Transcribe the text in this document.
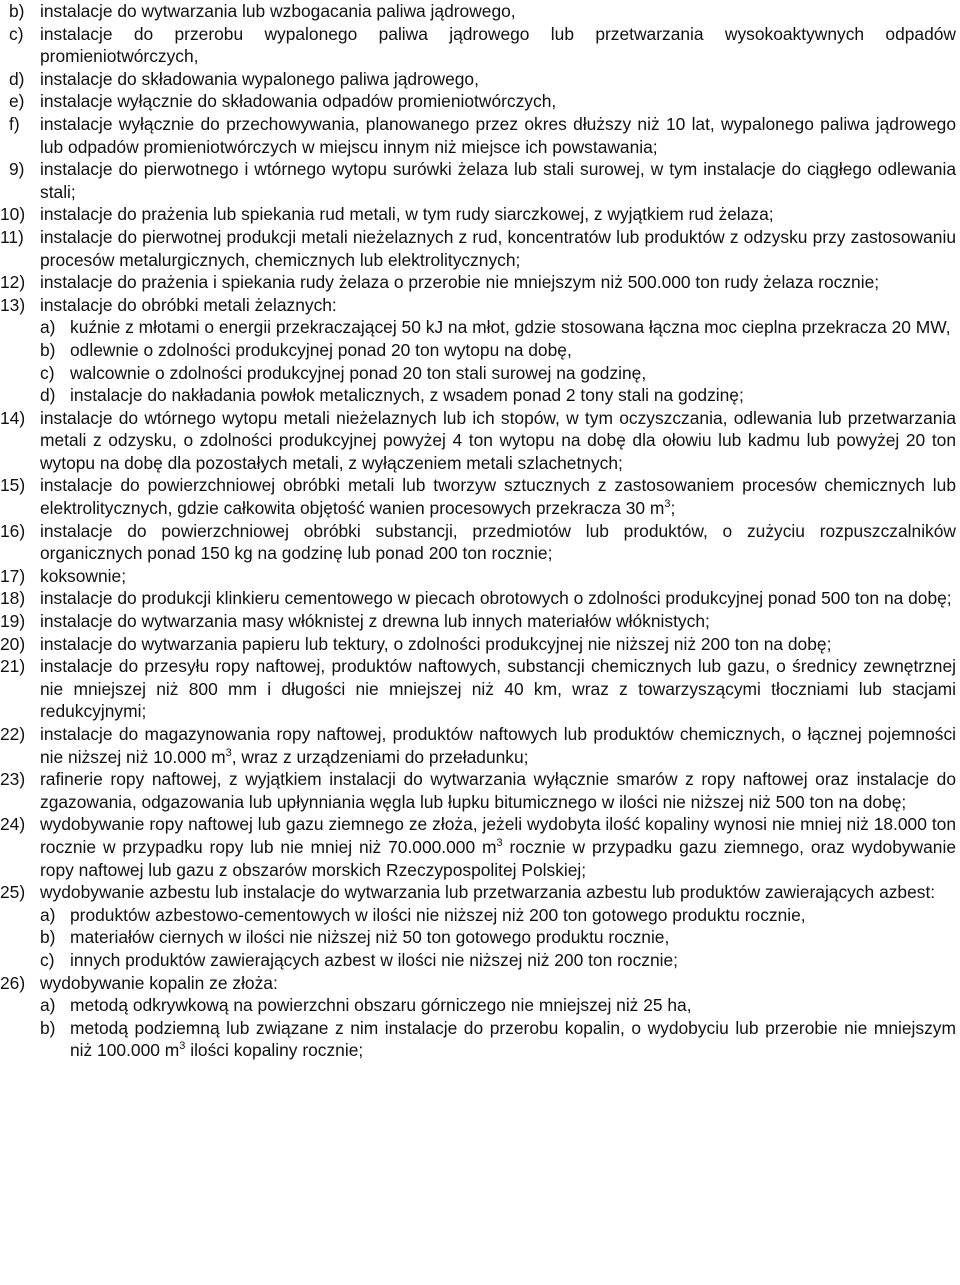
b) instalacje do wytwarzania lub wzbogacania paliwa jądrowego,
c) instalacje do przerobu wypalonego paliwa jądrowego lub przetwarzania wysokoaktywnych odpadów promieniotwórczych,
d) instalacje do składowania wypalonego paliwa jądrowego,
e) instalacje wyłącznie do składowania odpadów promieniotwórczych,
f) instalacje wyłącznie do przechowywania, planowanego przez okres dłuższy niż 10 lat, wypalonego paliwa jądrowego lub odpadów promieniotwórczych w miejscu innym niż miejsce ich powstawania;
9) instalacje do pierwotnego i wtórnego wytopu surówki żelaza lub stali surowej, w tym instalacje do ciągłego odlewania stali;
10) instalacje do prażenia lub spiekania rud metali, w tym rudy siarczkowej, z wyjątkiem rud żelaza;
11) instalacje do pierwotnej produkcji metali nieżelaznych z rud, koncentratów lub produktów z odzysku przy zastosowaniu procesów metalurgicznych, chemicznych lub elektrolitycznych;
12) instalacje do prażenia i spiekania rudy żelaza o przerobie nie mniejszym niż 500.000 ton rudy żelaza rocznie;
13) instalacje do obróbki metali żelaznych:
a) kuźnie z młotami o energii przekraczającej 50 kJ na młot, gdzie stosowana łączna moc cieplna przekracza 20 MW,
b) odlewnie o zdolności produkcyjnej ponad 20 ton wytopu na dobę,
c) walcownie o zdolności produkcyjnej ponad 20 ton stali surowej na godzinę,
d) instalacje do nakładania powłok metalicznych, z wsadem ponad 2 tony stali na godzinę;
14) instalacje do wtórnego wytopu metali nieżelaznych lub ich stopów, w tym oczyszczania, odlewania lub przetwarzania metali z odzysku, o zdolności produkcyjnej powyżej 4 ton wytopu na dobę dla ołowiu lub kadmu lub powyżej 20 ton wytopu na dobę dla pozostałych metali, z wyłączeniem metali szlachetnych;
15) instalacje do powierzchniowej obróbki metali lub tworzyw sztucznych z zastosowaniem procesów chemicznych lub elektrolitycznych, gdzie całkowita objętość wanien procesowych przekracza 30 $m^3$;
16) instalacje do powierzchniowej obróbki substancji, przedmiotów lub produktów, o zużyciu rozpuszczalników organicznych ponad 150 kg na godzinę lub ponad 200 ton rocznie;
17) koksownie;
18) instalacje do produkcji klinkieru cementowego w piecach obrotowych o zdolności produkcyjnej ponad 500 ton na dobę;
19) instalacje do wytwarzania masy włóknistej z drewna lub innych materiałów włóknistych;
20) instalacje do wytwarzania papieru lub tektury, o zdolności produkcyjnej nie niższej niż 200 ton na dobę;
21) instalacje do przesyłu ropy naftowej, produktów naftowych, substancji chemicznych lub gazu, o średnicy zewnętrznej nie mniejszej niż 800 mm i długości nie mniejszej niż 40 km, wraz z towarzyszącymi tłoczniami lub stacjami redukcyjnymi;
22) instalacje do magazynowania ropy naftowej, produktów naftowych lub produktów chemicznych, o łącznej pojemności nie niższej niż 10.000 $m^3$, wraz z urządzeniami do przeładunku;
23) rafinerie ropy naftowej, z wyjątkiem instalacji do wytwarzania wyłącznie smarów z ropy naftowej oraz instalacje do zgazowania, odgazowania lub upłynniania węgla lub łupku bitumicznego w ilości nie niższej niż 500 ton na dobę;
24) wydobywanie ropy naftowej lub gazu ziemnego ze złoża, jeżeli wydobyta ilość kopaliny wynosi nie mniej niż 18.000 ton rocznie w przypadku ropy lub nie mniej niż 70.000.000 $m^3$ rocznie w przypadku gazu ziemnego, oraz wydobywanie ropy naftowej lub gazu z obszarów morskich Rzeczypospolitej Polskiej;
25) wydobywanie azbestu lub instalacje do wytwarzania lub przetwarzania azbestu lub produktów zawierających azbest:
a) produktów azbestowo-cementowych w ilości nie niższej niż 200 ton gotowego produktu rocznie,
b) materiałów ciernych w ilości nie niższej niż 50 ton gotowego produktu rocznie,
c) innych produktów zawierających azbest w ilości nie niższej niż 200 ton rocznie;
26) wydobywanie kopalin ze złoża:
a) metodą odkrywkową na powierzchni obszaru górniczego nie mniejszej niż 25 ha,
b) metodą podziemną lub związane z nim instalacje do przerobu kopalin, o wydobyciu lub przerobie nie mniejszym niż 100.000 $m^3$ ilości kopaliny rocznie;
